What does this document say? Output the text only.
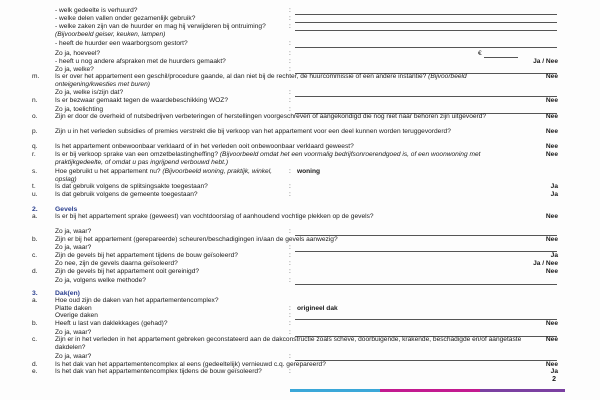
- welk gedeelte is verhuurd?	:
- welke delen vallen onder gezamenlijk gebruik?	:
- welke zaken zijn van de huurder en mag hij verwijderen bij ontruiming? (Bijvoorbeeld geiser, keuken, lampen)
:
- heeft de huurder een waarborgsom gestort?	:
Zo ja, hoeveel?	:	€
- heeft u nog andere afspraken met de huurders gemaakt?	:	Ja / Nee
Zo ja, welke?	:
m.	Is er over het appartement een geschil/procedure gaande, al dan niet bij de rechter, de huurcommissie of een andere instantie? (Bijvoorbeeld onteigening/kwesties met buren)
Nee
Zo ja, welke is/zijn dat?	:
n.	Is er bezwaar gemaakt tegen de waardebeschikking WOZ?	:	Nee
Zo ja, toelichting	:
o.	Zijn er door de overheid of nutsbedrijven verbeteringen of herstellingen voorgeschreven of aangekondigd die nog niet naar behoren zijn uitgevoerd?	Nee
p.	Zijn u in het verleden subsidies of premies verstrekt die bij verkoop van het appartement voor een deel kunnen worden teruggevorderd?	Nee
q.	Is het appartement onbewoonbaar verklaard of in het verleden ooit onbewoonbaar verklaard geweest?	Nee
r.	Is er bij verkoop sprake van een omzetbelastingheffing? (Bijvoorbeeld omdat het een voormalig bedrijfsonroerendgoed is, of een woonwoning met praktijkgedeelte, of omdat u pas ingrijpend verbouwd hebt.)
Nee
s.	Hoe gebruikt u het appartement nu? (Bijvoorbeeld woning, praktijk, winkel, opslag)
: woning
t.	Is dat gebruik volgens de splitsingsakte toegestaan?	:	Ja
u.	Is dat gebruik volgens de gemeente toegestaan?	:	Ja
2.	Gevels
a.	Is er bij het appartement sprake (geweest) van vochtdoorslag of aanhoudend vochtige plekken op de gevels?	Nee
Zo ja, waar?	:
b.	Zijn er bij het appartement (gerepareerde) scheuren/beschadigingen in/aan de gevels aanwezig?	Nee
Zo ja, waar?	:
c.	Zijn de gevels bij het appartement tijdens de bouw geïsoleerd?	:	Ja
Zo nee, zijn de gevels daarna geïsoleerd?	:	Ja / Nee
d.	Zijn de gevels bij het appartement ooit gereinigd?	:	Nee
Zo ja, volgens welke methode?	:
3.	Dak(en)
a.	Hoe oud zijn de daken van het appartementencomplex?
Platte daken	: origineel dak
Overige daken	:
b.	Heeft u last van daklekkages (gehad)?	:	Nee
Zo ja, waar?	:
c.	Zijn er in het verleden in het appartement gebreken geconstateerd aan de dakconstructie zoals scheve, doorbuigende, krakende, beschadigde en/of aangetaste dakdelen?
Nee
Zo ja, waar?	:
d.	Is het dak van het appartementencomplex al eens (gedeeltelijk) vernieuwd c.q. gerepareerd?	Nee
e.	Is het dak van het appartementencomplex tijdens de bouw geïsoleerd?	:	Ja
2
